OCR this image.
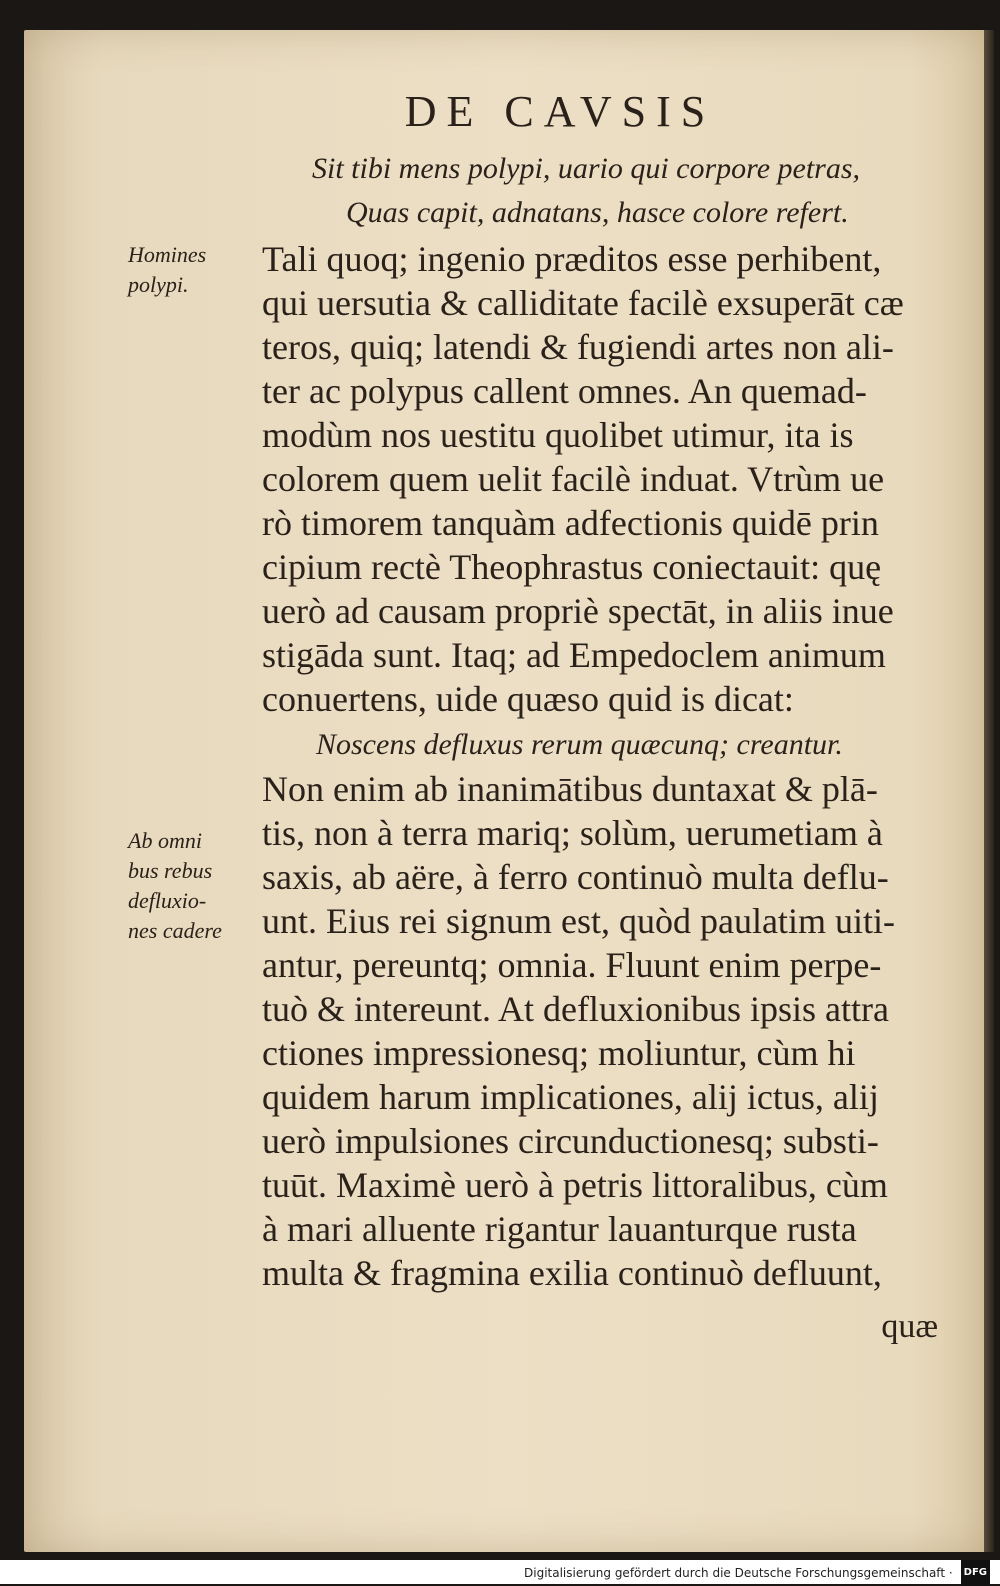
DE CAVSIS
Sit tibi mens polypi, uario qui corpore petras,
Quas capit, adnatans, hasce colore refert.
Homines
polypi.
Tali quoq; ingenio præditos esse perhibent,
qui uersutia & calliditate facilè exsuperāt cæ
teros, quiq; latendi & fugiendi artes non ali-
ter ac polypus callent omnes. An quemad-
modùm nos uestitu quolibet utimur, ita is
colorem quem uelit facilè induat. Vtrùm ue
rò timorem tanquàm adfectionis quidē prin
cipium rectè Theophrastus coniectauit: quę
uerò ad causam propriè spectāt, in aliis inue
stigāda sunt. Itaq; ad Empedoclem animum
conuertens, uide quæso quid is dicat:
Noscens defluxus rerum quæcunq; creantur.
Non enim ab inanimātibus duntaxat & plā-
tis, non à terra mariq; solùm, uerumetiam à
Ab omni
bus rebus
defluxio-
nes cadere
saxis, ab aëre, à ferro continuò multa deflu-
unt. Eius rei signum est, quòd paulatim uiti-
antur, pereuntq; omnia. Fluunt enim perpe-
tuò & intereunt. At defluxionibus ipsis attra
ctiones impressionesq; moliuntur, cùm hi
quidem harum implicationes, alij ictus, alij
uerò impulsiones circunductionesq; substi-
tuūt. Maximè uerò à petris littoralibus, cùm
à mari alluente rigantur lauanturque rusta
multa & fragmina exilia continuò defluunt,
quæ
Digitalisierung gefördert durch die Deutsche Forschungsgemeinschaft · DFG
